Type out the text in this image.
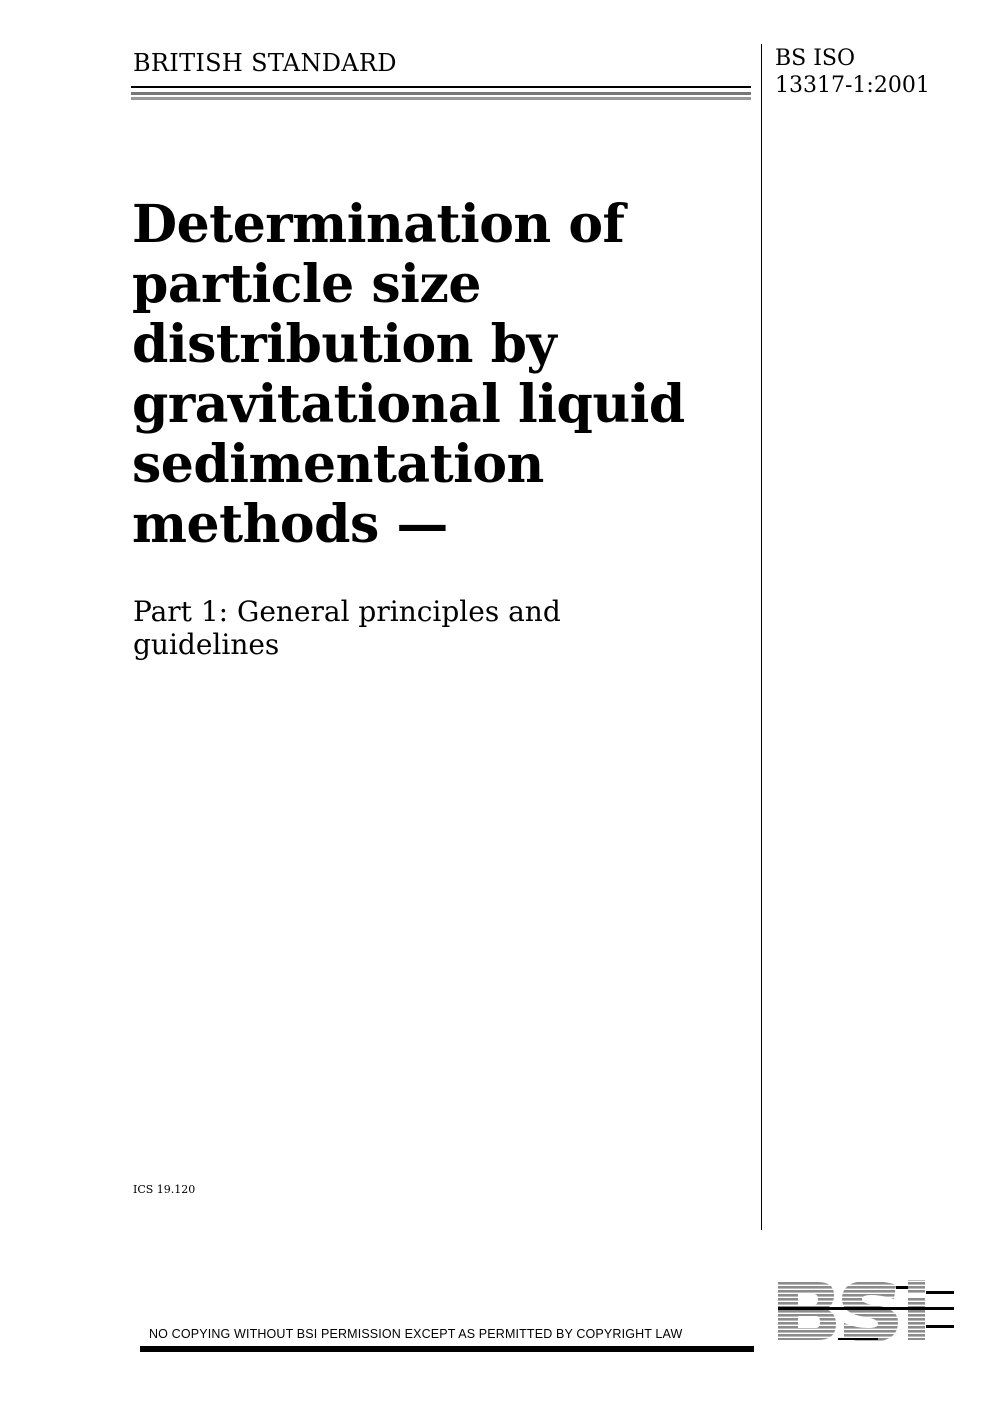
BRITISH STANDARD	BS ISO
13317-1:2001
Determination of
particle size
distribution by
gravitational liquid
sedimentation
methods —
Part 1: General principles and
guidelines
ICS 19.120
NO COPYING WITHOUT BSI PERMISSION EXCEPT AS PERMITTED BY COPYRIGHT LAW
